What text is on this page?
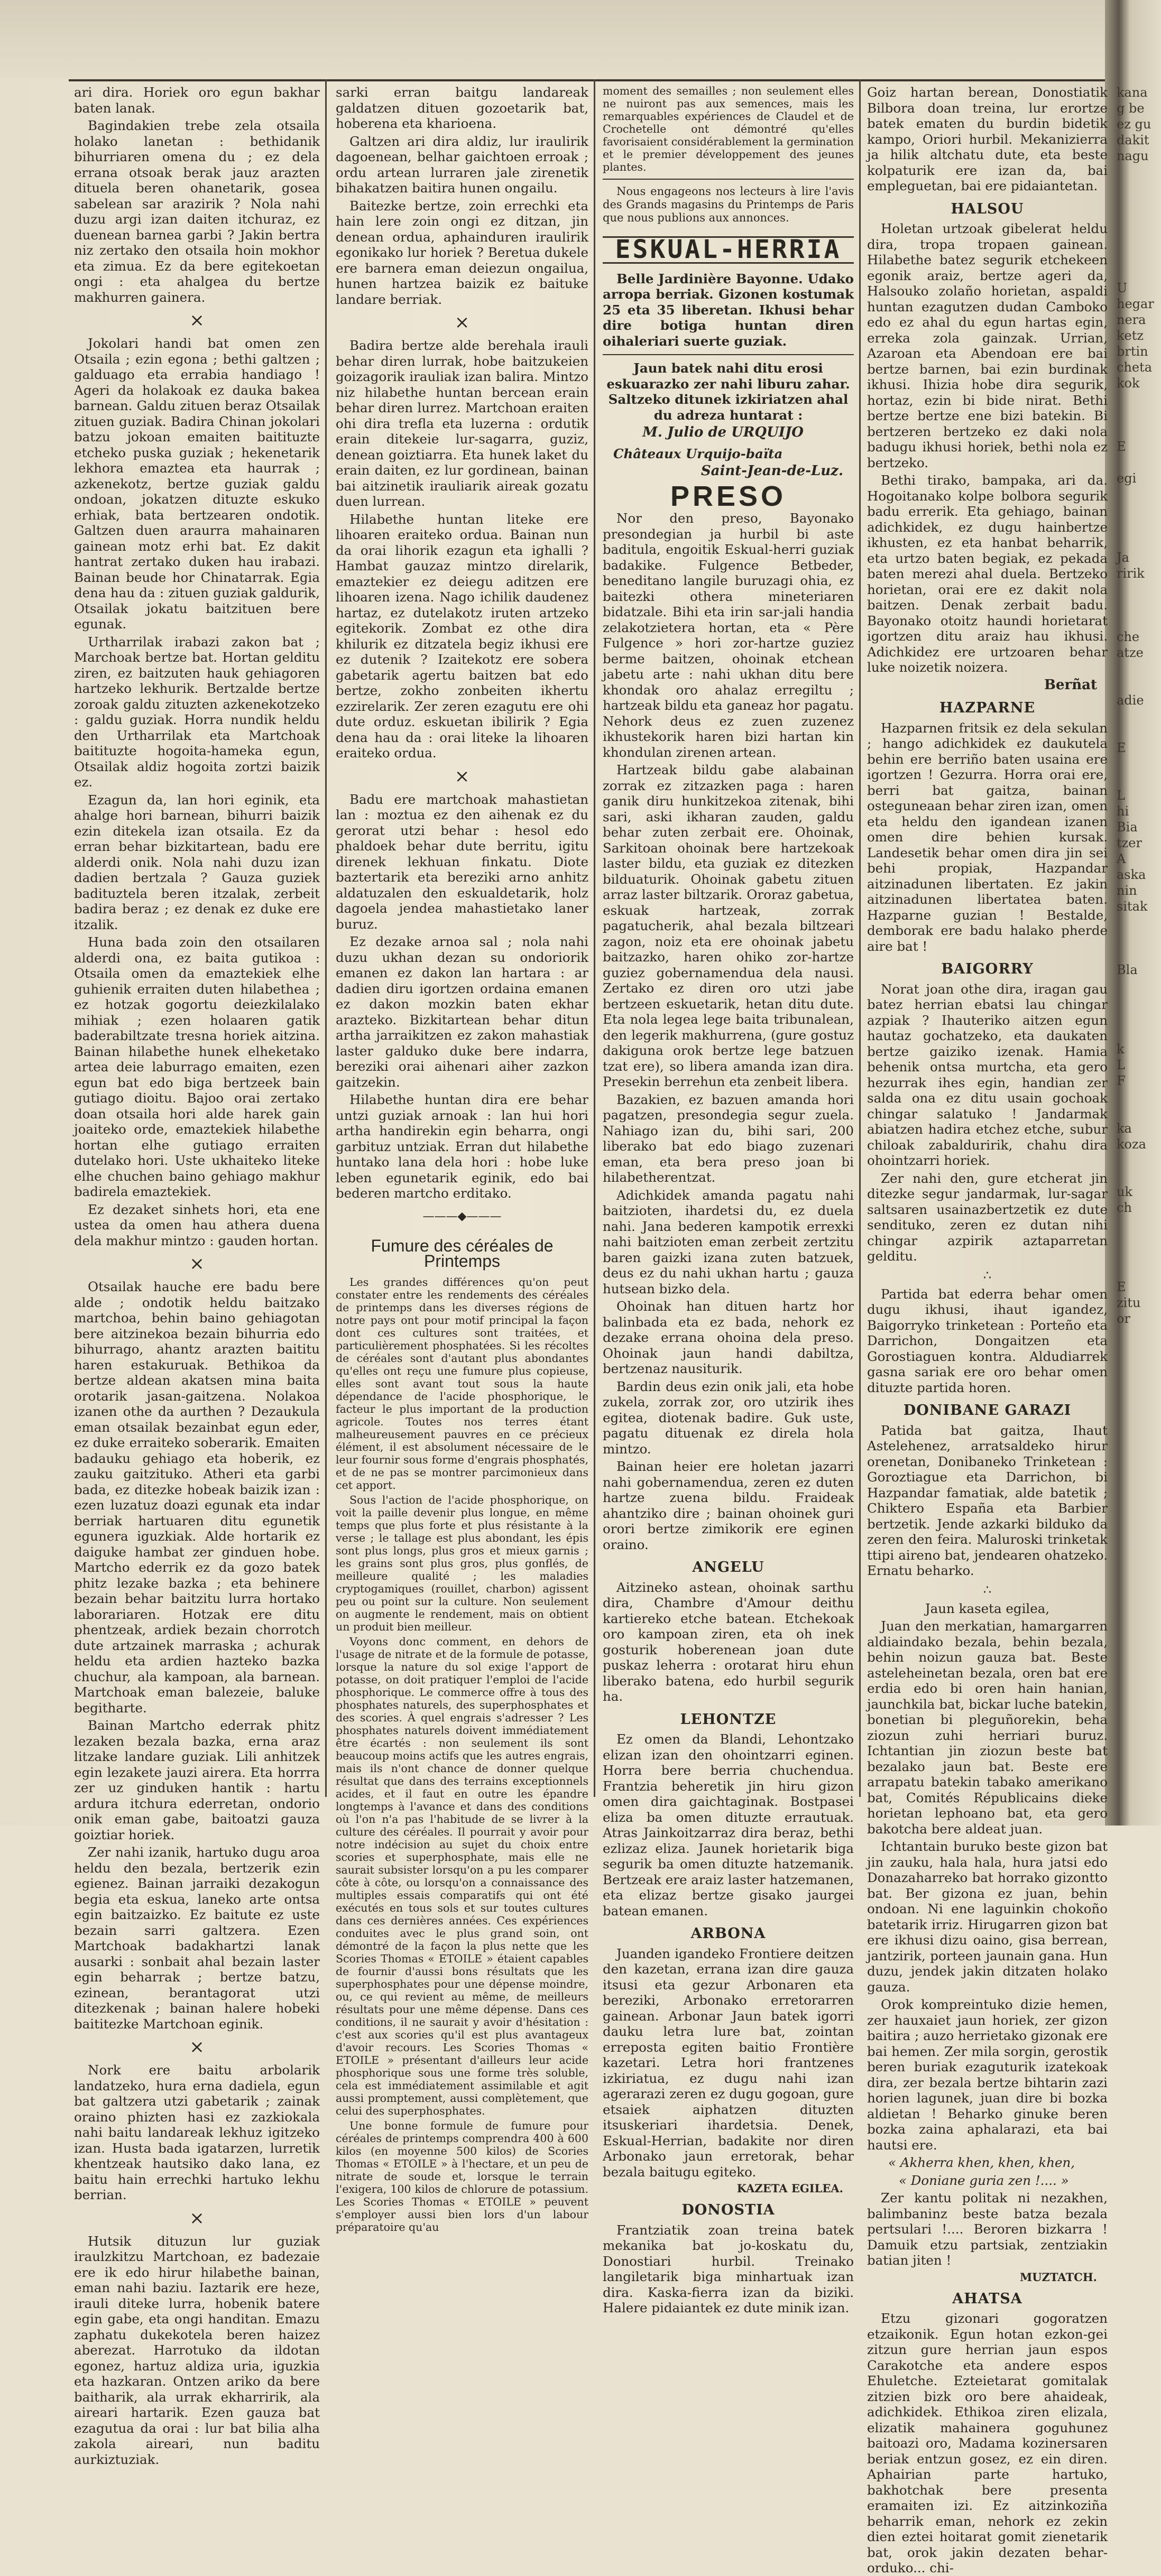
ari dira. Horiek oro egun bakhar baten lanak.

Bagindakien trebe zela otsaila holako lanetan : bethidanik bihurriaren omena du ; ez dela errana otsoak berak jauz arazten dituela beren ohanetarik, gosea sabelean sar arazirik ? Nola nahi duzu argi izan daiten itchuraz, ez duenean barnea garbi ? Jakin bertra niz zertako den otsaila hoin mokhor eta zimua. Ez da bere egitekoetan ongi : eta ahalgea du bertze makhurren gainera.

×

Jokolari handi bat omen zen Otsaila ; ezin egona ; bethi galtzen ; galduago eta errabia handiago ! Ageri da holakoak ez dauka bakea barnean. Galdu zituen beraz Otsailak zituen guziak. Badira Chinan jokolari batzu jokoan emaiten baitituzte etcheko puska guziak ; hekenetarik lekhora emaztea eta haurrak ; azkenekotz, bertze guziak galdu ondoan, jokatzen dituzte eskuko erhiak, bata bertzearen ondotik. Galtzen duen araurra mahainaren gainean motz erhi bat. Ez dakit hantrat zertako duken hau irabazi. Bainan beude hor Chinatarrak. Egia dena hau da : zituen guziak galdurik, Otsailak jokatu baitzituen bere egunak.

Urtharrilak irabazi zakon bat ; Marchoak bertze bat. Hortan gelditu ziren, ez baitzuten hauk gehiagoren hartzeko lekhurik. Bertzalde bertze zoroak galdu zituzten azkenekotzeko : galdu guziak. Horra nundik heldu den Urtharrilak eta Martchoak baitituzte hogoita-hameka egun, Otsailak aldiz hogoita zortzi baizik ez.

Ezagun da, lan hori eginik, eta ahalge hori barnean, bihurri baizik ezin ditekela izan otsaila. Ez da erran behar bizkitartean, badu ere alderdi onik. Nola nahi duzu izan dadien bertzala ? Gauza guziek badituztela beren itzalak, zerbeit badira beraz ; ez denak ez duke ere itzalik.

Huna bada zoin den otsailaren alderdi ona, ez baita gutikoa : Otsaila omen da emaztekiek elhe guhienik erraiten duten hilabethea ; ez hotzak gogortu deiezkilalako mihiak ; ezen holaaren gatik baderabiltzate tresna horiek aitzina. Bainan hilabethe hunek elheketako artea deie laburrago emaiten, ezen egun bat edo biga bertzeek bain gutiago dioitu. Bajoo orai zertako doan otsaila hori alde harek gain joaiteko orde, emaztekiek hilabethe hortan elhe gutiago erraiten dutelako hori. Uste ukhaiteko liteke elhe chuchen baino gehiago makhur badirela emaztekiek.

Ez dezaket sinhets hori, eta ene ustea da omen hau athera duena dela makhur mintzo : gauden hortan.

×

Otsailak hauche ere badu bere alde ; ondotik heldu baitzako martchoa, behin baino gehiagotan bere aitzinekoa bezain bihurria edo bihurrago, ahantz arazten baititu haren estakuruak. Bethikoa da bertze aldean akatsen mina baita orotarik jasan-gaitzena. Nolakoa izanen othe da aurthen ? Dezaukula eman otsailak bezainbat egun eder, ez duke erraiteko soberarik. Emaiten badauku gehiago eta hoberik, ez zauku gaitzituko. Atheri eta garbi bada, ez ditezke hobeak baizik izan : ezen luzatuz doazi egunak eta indar berriak hartuaren ditu egunetik egunera iguzkiak. Alde hortarik ez daiguke hambat zer ginduen hobe. Martcho ederrik ez da gozo batek phitz lezake bazka ; eta behinere bezain behar baitzitu lurra hortako laborariaren. Hotzak ere ditu phentzeak, ardiek bezain chorrotch dute artzainek marraska ; achurak heldu eta ardien hazteko bazka chuchur, ala kampoan, ala barnean. Martchoak eman balezeie, baluke begitharte.

Bainan Martcho ederrak phitz lezaken bezala bazka, erna araz litzake landare guziak. Lili anhitzek egin lezakete jauzi airera. Eta horrra zer uz ginduken hantik : hartu ardura itchura ederretan, ondorio onik eman gabe, baitoatzi gauza goiztiar horiek.

Zer nahi izanik, hartuko dugu aroa heldu den bezala, bertzerik ezin egienez. Bainan jarraiki dezakogun begia eta eskua, laneko arte ontsa egin baitzaizko. Ez baitute ez uste bezain sarri galtzera. Ezen Martchoak badakhartzi lanak ausarki : sonbait ahal bezain laster egin beharrak ; bertze batzu, ezinean, berantagorat utzi ditezkenak ; bainan halere hobeki baititezke Martchoan eginik.

×

Nork ere baitu arbolarik landatzeko, hura erna dadiela, egun bat galtzera utzi gabetarik ; zainak oraino phizten hasi ez zazkiokala nahi baitu landareak lekhuz igitzeko izan. Husta bada igatarzen, lurretik khentzeak hautsiko dako lana, ez baitu hain errechki hartuko lekhu berrian.

×

Hutsik dituzun lur guziak iraulzkitzu Martchoan, ez badezaie ere ik edo hirur hilabethe bainan, eman nahi baziu. Iaztarik ere heze, irauli diteke lurra, hobenik batere egin gabe, eta ongi handitan. Emazu zaphatu dukekotela beren haizez aberezat. Harrotuko da ildotan egonez, hartuz aldiza uria, iguzkia eta hazkaran. Ontzen ariko da bere baitharik, ala urrak ekharririk, ala aireari hartarik. Ezen gauza bat ezagutua da orai : lur bat bilia alha zakola aireari, nun baditu aurkiztuziak.

sarki erran baitgu landareak galdatzen dituen gozoetarik bat, hoberena eta kharioena.

Galtzen ari dira aldiz, lur iraulirik dagoenean, belhar gaichtoen erroak ; ordu artean lurraren jale zirenetik bihakatzen baitira hunen ongailu.

Baitezke bertze, zoin errechki eta hain lere zoin ongi ez ditzan, jin denean ordua, aphainduren iraulirik egonikako lur horiek ? Beretua dukele ere barnera eman deiezun ongailua, hunen hartzea baizik ez baituke landare berriak.

×

Badira bertze alde berehala irauli behar diren lurrak, hobe baitzukeien goizagorik irauliak izan balira. Mintzo niz hilabethe huntan bercean erain behar diren lurrez. Martchoan eraiten ohi dira trefla eta luzerna : ordutik erain ditekeie lur-sagarra, guziz, denean goiztiarra. Eta hunek laket du erain daiten, ez lur gordinean, bainan bai aitzinetik irauliarik aireak gozatu duen lurrean.

Hilabethe huntan liteke ere lihoaren eraiteko ordua. Bainan nun da orai lihorik ezagun eta ighalli ? Hambat gauzaz mintzo direlarik, emaztekier ez deiegu aditzen ere lihoaren izena. Nago ichilik daudenez hartaz, ez dutelakotz iruten artzeko egitekorik. Zombat ez othe dira khilurik ez ditzatela begiz ikhusi ere ez dutenik ? Izaitekotz ere sobera gabetarik agertu baitzen bat edo bertze, zokho zonbeiten ikhertu ezzirelarik. Zer zeren ezagutu ere ohi dute orduz. eskuetan ibilirik ? Egia dena hau da : orai liteke la lihoaren eraiteko ordua.

×

Badu ere martchoak mahastietan lan : moztua ez den aihenak ez du gerorat utzi behar : hesol edo phaldoek behar dute berritu, igitu direnek lekhuan finkatu. Diote baztertarik eta bereziki arno anhitz aldatuzalen den eskualdetarik, holz dagoela jendea mahastietako laner buruz.

Ez dezake arnoa sal ; nola nahi duzu ukhan dezan su ondoriorik emanen ez dakon lan hartara : ar dadien diru igortzen ordaina emanen ez dakon mozkin baten ekhar arazteko. Bizkitartean behar ditun artha jarraikitzen ez zakon mahastiak laster galduko duke bere indarra, bereziki orai aihenari aiher zazkon gaitzekin.

Hilabethe huntan dira ere behar untzi guziak arnoak : lan hui hori artha handirekin egin beharra, ongi garbituz untziak. Erran dut hilabethe huntako lana dela hori : hobe luke leben egunetarik eginik, edo bai bederen martcho erditako.

———◆———
Fumure des céréales de Printemps

Les grandes différences qu'on peut constater entre les rendements des céréales de printemps dans les diverses régions de notre pays ont pour motif principal la façon dont ces cultures sont traitées, et particulièrement phosphatées. Si les récoltes de céréales sont d'autant plus abondantes qu'elles ont reçu une fumure plus copieuse, elles sont avant tout sous la haute dépendance de l'acide phosphorique, le facteur le plus important de la production agricole. Toutes nos terres étant malheureusement pauvres en ce précieux élément, il est absolument nécessaire de le leur fournir sous forme d'engrais phosphatés, et de ne pas se montrer parcimonieux dans cet apport.

Sous l'action de l'acide phosphorique, on voit la paille devenir plus longue, en même temps que plus forte et plus résistante à la verse ; le tallage est plus abondant, les épis sont plus longs, plus gros et mieux garnis ; les grains sont plus gros, plus gonflés, de meilleure qualité ; les maladies cryptogamiques (rouillet, charbon) agissent peu ou point sur la culture. Non seulement on augmente le rendement, mais on obtient un produit bien meilleur.

Voyons donc comment, en dehors de l'usage de nitrate et de la formule de potasse, lorsque la nature du sol exige l'apport de potasse, on doit pratiquer l'emploi de l'acide phosphorique. Le commerce offre à tous des phosphates naturels, des superphosphates et des scories. À quel engrais s'adresser ? Les phosphates naturels doivent immédiatement être écartés : non seulement ils sont beaucoup moins actifs que les autres engrais, mais ils n'ont chance de donner quelque résultat que dans des terrains exceptionnels acides, et il faut en outre les épandre longtemps à l'avance et dans des conditions où l'on n'a pas l'habitude de se livrer à la culture des céréales. Il pourrait y avoir pour notre indécision au sujet du choix entre scories et superphosphate, mais elle ne saurait subsister lorsqu'on a pu les comparer côte à côte, ou lorsqu'on a connaissance des multiples essais comparatifs qui ont été exécutés en tous sols et sur toutes cultures dans ces dernières années. Ces expériences conduites avec le plus grand soin, ont démontré de la façon la plus nette que les Scories Thomas « ETOILE » étaient capables de fournir d'aussi bons résultats que les superphosphates pour une dépense moindre, ou, ce qui revient au même, de meilleurs résultats pour une même dépense. Dans ces conditions, il ne saurait y avoir d'hésitation : c'est aux scories qu'il est plus avantageux d'avoir recours. Les Scories Thomas « ETOILE » présentant d'ailleurs leur acide phosphorique sous une forme très soluble, cela est immédiatement assimilable et agit aussi promptement, aussi complètement, que celui des superphosphates.

Une bonne formule de fumure pour céréales de printemps comprendra 400 à 600 kilos (en moyenne 500 kilos) de Scories Thomas « ETOILE » à l'hectare, et un peu de nitrate de soude et, lorsque le terrain l'exigera, 100 kilos de chlorure de potassium. Les Scories Thomas « ETOILE » peuvent s'employer aussi bien lors d'un labour préparatoire qu'au

moment des semailles ; non seulement elles ne nuiront pas aux semences, mais les remarquables expériences de Claudel et de Crochetelle ont démontré qu'elles favorisaient considérablement la germination et le premier développement des jeunes plantes.

Nous engageons nos lecteurs à lire l'avis des Grands magasins du Printemps de Paris que nous publions aux annonces.

ESKUAL-HERRIA

Belle Jardinière Bayonne. Udako arropa berriak. Gizonen kostumak 25 eta 35 liberetan. Ikhusi behar dire botiga huntan diren oihaleriari suerte guziak.

Jaun batek nahi ditu erosi eskuarazko zer nahi liburu zahar. Saltzeko ditunek izkiriatzen ahal du adreza huntarat :

M. Julio de URQUIJO
Châteaux Urquijo-baïta
Saint-Jean-de-Luz.
PRESO

Nor den preso, Bayonako presondegian ja hurbil bi aste baditula, engoitik Eskual-herri guziak badakike. Fulgence Betbeder, beneditano langile buruzagi ohia, ez baitezki othera mineteriaren bidatzale. Bihi eta irin sar-jali handia zelakotzietera hortan, eta « Père Fulgence » hori zor-hartze guziez berme baitzen, ohoinak etchean jabetu arte : nahi ukhan ditu bere khondak oro ahalaz erregiltu ; hartzeak bildu eta ganeaz hor pagatu. Nehork deus ez zuen zuzenez ikhustekorik haren bizi hartan kin khondulan zirenen artean.

Hartzeak bildu gabe alabainan zorrak ez zitzazken paga : haren ganik diru hunkitzekoa zitenak, bihi sari, aski ikharan zauden, galdu behar zuten zerbait ere. Ohoinak, Sarkitoan ohoinak bere hartzekoak laster bildu, eta guziak ez ditezken bilduaturik. Ohoinak gabetu zituen arraz laster biltzarik. Ororaz gabetua, eskuak hartzeak, zorrak pagatucherik, ahal bezala biltzeari zagon, noiz eta ere ohoinak jabetu baitzazko, haren ohiko zor-hartze guziez gobernamendua dela nausi. Zertako ez diren oro utzi jabe bertzeen eskuetarik, hetan ditu dute. Eta nola legea lege baita tribunalean, den legerik makhurrena, (gure gostuz dakiguna orok bertze lege batzuen tzat ere), so libera amanda izan dira. Presekin berrehun eta zenbeit libera.

Bazakien, ez bazuen amanda hori pagatzen, presondegia segur zuela. Nahiago izan du, bihi sari, 200 liberako bat edo biago zuzenari eman, eta bera preso joan bi hilabetherentzat.

Adichkidek amanda pagatu nahi baitzioten, ihardetsi du, ez duela nahi. Jana bederen kampotik errexki nahi baitzioten eman zerbeit zertzitu baren gaizki izana zuten batzuek, deus ez du nahi ukhan hartu ; gauza hutsean bizko dela.

Ohoinak han dituen hartz hor balinbada eta ez bada, nehork ez dezake errana ohoina dela preso. Ohoinak jaun handi dabiltza, bertzenaz nausiturik.

Bardin deus ezin onik jali, eta hobe zukela, zorrak zor, oro utzirik ihes egitea, diotenak badire. Guk uste, pagatu dituenak ez direla hola mintzo.

Bainan heier ere holetan jazarri nahi gobernamendua, zeren ez duten hartze zuena bildu. Fraideak ahantziko dire ; bainan ohoinek guri orori bertze zimikorik ere eginen oraino.

ANGELU

Aitzineko astean, ohoinak sarthu dira, Chambre d'Amour deithu kartiereko etche batean. Etchekoak oro kampoan ziren, eta oh inek gosturik hoberenean joan dute puskaz leherra : orotarat hiru ehun liberako batena, edo hurbil segurik ha.

LEHONTZE

Ez omen da Blandi, Lehontzako elizan izan den ohointzarri eginen. Horra bere berria chuchendua. Frantzia beheretik jin hiru gizon omen dira gaichtaginak. Bostpasei eliza ba omen dituzte errautuak. Atras Jainkoitzarraz dira beraz, bethi ezlizaz eliza. Jaunek horietarik biga segurik ba omen dituzte hatzemanik. Bertzeak ere araiz laster hatzemanen, eta elizaz bertze gisako jaurgei batean emanen.

ARBONA

Juanden igandeko Frontiere deitzen den kazetan, errana izan dire gauza itsusi eta gezur Arbonaren eta bereziki, Arbonako erretorarren gainean. Arbonar Jaun batek igorri dauku letra lure bat, zointan erreposta egiten baitio Frontière kazetari. Letra hori frantzenes izkiriatua, ez dugu nahi izan agerarazi zeren ez dugu gogoan, gure etsaiek aiphatzen dituzten itsuskeriari ihardetsia. Denek, Eskual-Herrian, badakite nor diren Arbonako jaun erretorak, behar bezala baitugu egiteko.

KAZETA EGILEA.
DONOSTIA

Frantziatik zoan treina batek mekanika bat jo-koskatu du, Donostiari hurbil. Treinako langiletarik biga minhartuak izan dira. Kaska-fierra izan da biziki. Halere pidaiantek ez dute minik izan.

Goiz hartan berean, Donostiatik Bilbora doan treina, lur erortze batek ematen du burdin bidetik kampo, Oriori hurbil. Mekanizierra ja hilik altchatu dute, eta beste kolpaturik ere izan da, bai empleguetan, bai ere pidaiantetan.

HALSOU

Holetan urtzoak gibelerat heldu dira, tropa tropaen gainean. Hilabethe batez segurik etchekeen egonik araiz, bertze ageri da, Halsouko zolaño horietan, aspaldi huntan ezagutzen dudan Camboko edo ez ahal du egun hartas egin, erreka zola gainzak. Urrian, Azaroan eta Abendoan ere bai bertze barnen, bai ezin burdinak ikhusi. Ihizia hobe dira segurik, hortaz, ezin bi bide nirat. Bethi bertze bertze ene bizi batekin. Bi bertzeren bertzeko ez daki nola badugu ikhusi horiek, bethi nola ez bertzeko.

Bethi tirako, bampaka, ari da. Hogoitanako kolpe bolbora segurik badu errerik. Eta gehiago, bainan adichkidek, ez dugu hainbertze ikhusten, ez eta hanbat beharrik, eta urtzo baten begiak, ez pekada baten merezi ahal duela. Bertzeko horietan, orai ere ez dakit nola baitzen. Denak zerbait badu. Bayonako otoitz haundi horietarat igortzen ditu araiz hau ikhusi. Adichkidez ere urtzoaren behar luke noizetik noizera.

Berñat
HAZPARNE

Hazparnen fritsik ez dela sekulan ; hango adichkidek ez daukutela behin ere berriño baten usaina ere igortzen ! Gezurra. Horra orai ere, berri bat gaitza, bainan osteguneaan behar ziren izan, omen eta heldu den igandean izanen omen dire behien kursak. Landesetik behar omen dira jin sei behi propiak, Hazpandar aitzinadunen libertaten. Ez jakin aitzinadunen libertatea baten. Hazparne guzian ! Bestalde, demborak ere badu halako pherde aire bat !

BAIGORRY

Norat joan othe dira, iragan gau batez herrian ebatsi lau chingar azpiak ? Ihauteriko aitzen egun hautaz gochatzeko, eta daukaten bertze gaiziko izenak. Hamia behenik ontsa murtcha, eta gero hezurrak ihes egin, handian zer salda ona ez ditu usain gochoak chingar salatuko ! Jandarmak abiatzen hadira etchez etche, subur chiloak zabalduririk, chahu dira ohointzarri horiek.

Zer nahi den, gure etcherat jin ditezke segur jandarmak, lur-sagar saltsaren usainazbertzetik ez dute sendituko, zeren ez dutan nihi chingar azpirik aztaparretan gelditu.

∴

Partida bat ederra behar omen dugu ikhusi, ihaut igandez, Baigorryko trinketean : Porteño eta Darrichon, Dongaitzen eta Gorostiaguen kontra. Aldudiarrek gasna sariak ere oro behar omen dituzte partida horen.

DONIBANE GARAZI

Patida bat gaitza, Ihaut Astelehenez, arratsaldeko hirur orenetan, Donibaneko Trinketean : Goroztiague eta Darrichon, bi Hazpandar famatiak, alde batetik ; Chiktero España eta Barbier bertzetik. Jende azkarki bilduko da zeren den feira. Maluroski trinketak ttipi aireno bat, jendearen ohatzeko. Ernatu beharko.

∴

Jaun kaseta egilea,

Juan den merkatian, hamargarren aldiaindako bezala, behin bezala, behin noizun gauza bat. Beste asteleheinetan bezala, oren bat ere erdia edo bi oren hain hanian, jaunchkila bat, bickar luche batekin, bonetian bi pleguñorekin, beha ziozun zuhi herriari buruz. Ichtantian jin ziozun beste bat bezalako jaun bat. Beste ere arrapatu batekin tabako amerikano bat, Comités Républicains dieke horietan lephoano bat, eta gero bakotcha bere aldeat juan.

Ichtantain buruko beste gizon bat jin zauku, hala hala, hura jatsi edo Donazaharreko bat horrako gizontto bat. Ber gizona ez juan, behin ondoan. Ni ene laguinkin chokoño batetarik irriz. Hirugarren gizon bat ere ikhusi dizu oaino, gisa berrean, jantzirik, porteen jaunain gana. Hun duzu, jendek jakin ditzaten holako gauza.

Orok kompreintuko dizie hemen, zer hauxaiet jaun horiek, zer gizon baitira ; auzo herrietako gizonak ere bai hemen. Zer mila sorgin, gerostik beren buriak ezaguturik izatekoak dira, zer bezala bertze bihtarin zazi horien lagunek, juan dire bi bozka aldietan ! Beharko ginuke beren bozka zaina aphalarazi, eta bai hautsi ere.

« Akherra khen, khen, khen,

« Doniane guria zen !.... »

Zer kantu politak ni nezakhen, balimbaninz beste batza bezala pertsulari !.... Beroren bizkarra ! Damuik etzu partsiak, zentziakin batian jiten !

MUZTATCH.
AHATSA

Etzu gizonari gogoratzen etzaikonik. Egun hotan ezkon-gei zitzun gure herrian jaun espos Carakotche eta andere espos Ehuletche. Ezteietarat gomitalak zitzien bizk oro bere ahaideak, adichkidek. Ethikoa ziren elizala, elizatik mahainera goguhunez baitoazi oro, Madama kozinersaren beriak entzun gosez, ez ein diren. Aphairian parte hartuko, bakhotchak bere presenta eramaiten izi. Ez aitzinkoziña beharrik eman, nehork ez zekin dien eztei hoitarat gomit zienetarik bat, orok jakin dezaten behar-orduko... chi-

kana
g be
ez gu
dakit
nagu
U
hegar
nera
ketz
brtin
cheta
kok
E
egi
Ja
ririk
che
atze
adie
E
L
hi
Bia
tzer
A
aska
nin
sitak
Bla
k
L
F
ka
koza
uk
ch
E
zitu
or
